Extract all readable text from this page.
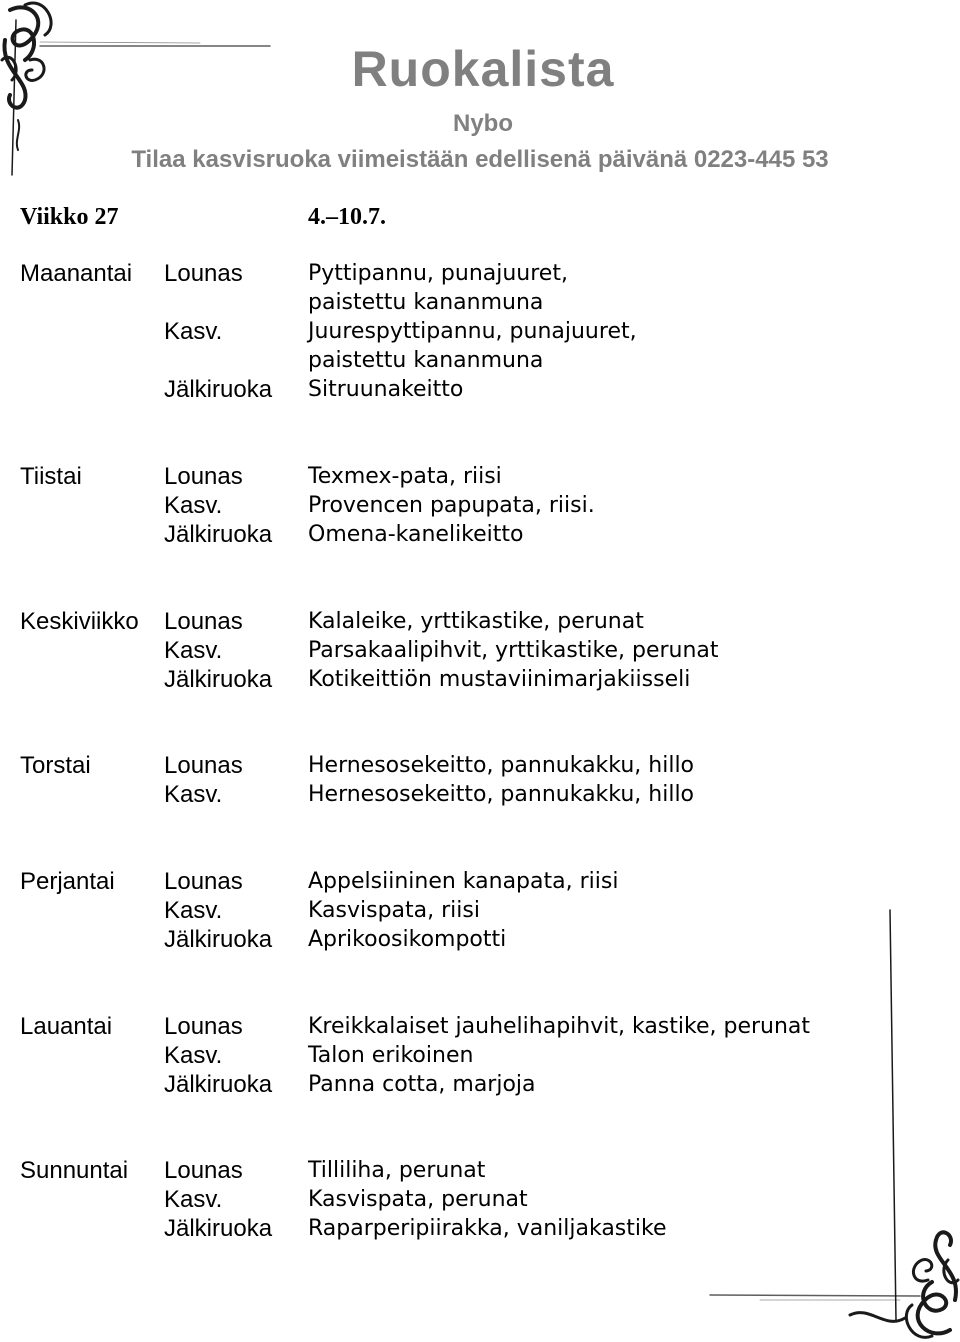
Ruokalista
Nybo
Tilaa kasvisruoka viimeistään edellisenä päivänä 0223-445 53
Viikko 27	4.–10.7.
Maanantai Lounas	Pyttipannu, punajuuret,
paistettu kananmuna
Kasv.	Juurespyttipannu, punajuuret,
paistettu kananmuna
Jälkiruoka Sitruunakeitto
Tiistai	Lounas	Texmex-pata, riisi
Kasv.	Provencen papupata, riisi.
Jälkiruoka Omena-kanelikeitto
Keskiviikko Lounas	Kalaleike, yrttikastike, perunat
Kasv.	Parsakaalipihvit, yrttikastike, perunat
Jälkiruoka Kotikeittiön mustaviinimarjakiisseli
Torstai	Lounas	Hernesosekeitto, pannukakku, hillo
Kasv.	Hernesosekeitto, pannukakku, hillo
Perjantai Lounas	Appelsiininen kanapata, riisi
Kasv.	Kasvispata, riisi
Jälkiruoka Aprikoosikompotti
Lauantai Lounas	Kreikkalaiset jauhelihapihvit, kastike, perunat
Kasv.	Talon erikoinen
Jälkiruoka Panna cotta, marjoja
Sunnuntai Lounas	Tilliliha, perunat
Kasv.	Kasvispata, perunat
Jälkiruoka Raparperipiirakka, vaniljakastike
